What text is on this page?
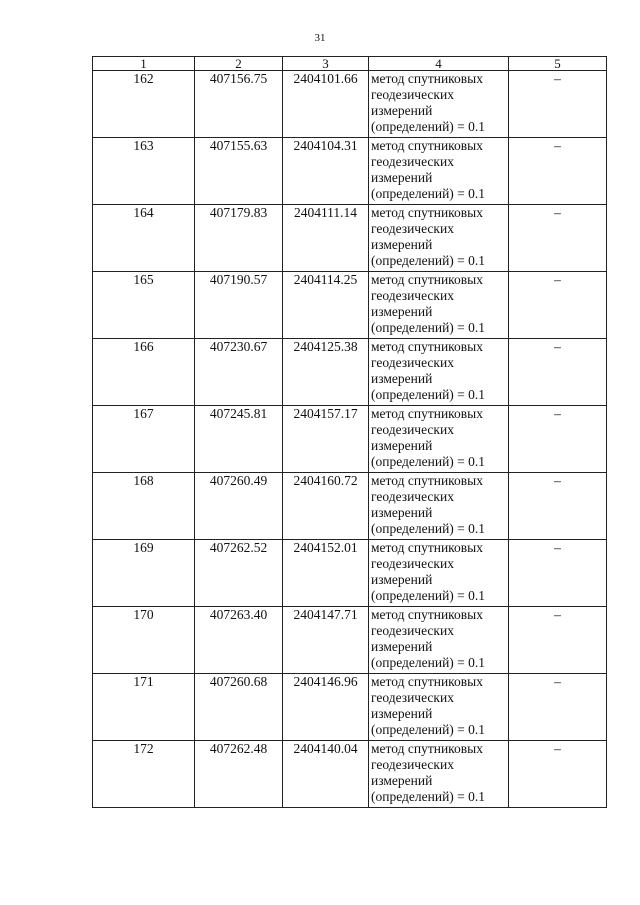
31
1	2	3	4	5
162	407156.75	2404101.66	метод спутниковых геодезических измерений (определений) = 0.1	–
163	407155.63	2404104.31	метод спутниковых геодезических измерений (определений) = 0.1	–
164	407179.83	2404111.14	метод спутниковых геодезических измерений (определений) = 0.1	–
165	407190.57	2404114.25	метод спутниковых геодезических измерений (определений) = 0.1	–
166	407230.67	2404125.38	метод спутниковых геодезических измерений (определений) = 0.1	–
167	407245.81	2404157.17	метод спутниковых геодезических измерений (определений) = 0.1	–
168	407260.49	2404160.72	метод спутниковых геодезических измерений (определений) = 0.1	–
169	407262.52	2404152.01	метод спутниковых геодезических измерений (определений) = 0.1	–
170	407263.40	2404147.71	метод спутниковых геодезических измерений (определений) = 0.1	–
171	407260.68	2404146.96	метод спутниковых геодезических измерений (определений) = 0.1	–
172	407262.48	2404140.04	метод спутниковых геодезических измерений (определений) = 0.1	–
